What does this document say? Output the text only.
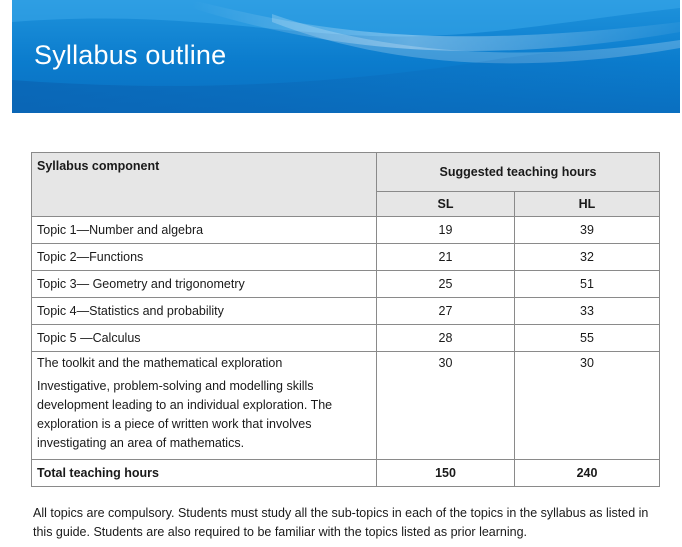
Syllabus outline
Syllabus component	Suggested teaching hours	
	SL	HL
Topic 1—Number and algebra	19	39
Topic 2—Functions	21	32
Topic 3— Geometry and trigonometry	25	51
Topic 4—Statistics and probability	27	33
Topic 5 —Calculus	28	55

The toolkit and the mathematical exploration
Investigative, problem-solving and modelling skills development leading to an individual exploration. The exploration is a piece of written work that involves investigating an area of mathematics.	30	30
Total teaching hours	150	240

All topics are compulsory. Students must study all the sub-topics in each of the topics in the syllabus as listed in this guide. Students are also required to be familiar with the topics listed as prior learning.
